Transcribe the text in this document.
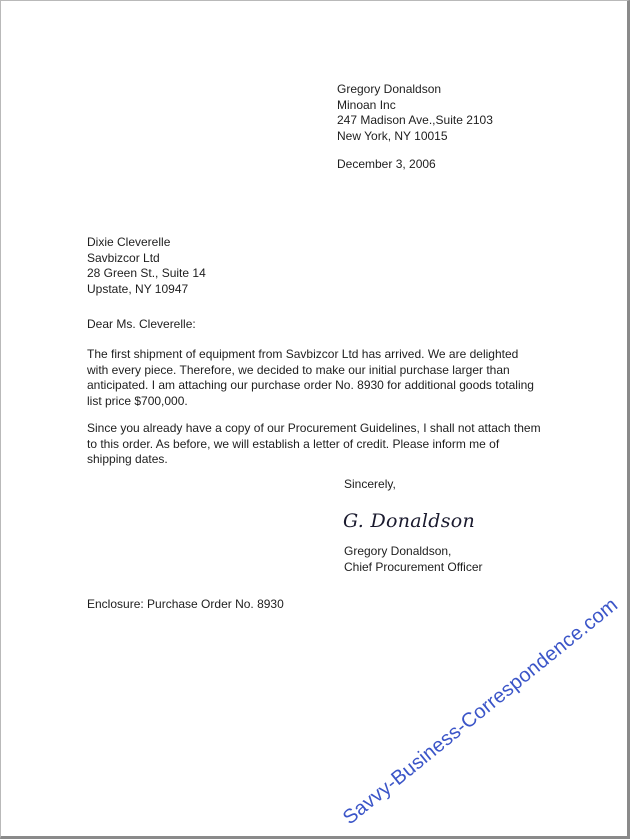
Gregory Donaldson
Minoan Inc
247 Madison Ave.,Suite 2103
New York, NY 10015
December 3, 2006
Dixie Cleverelle
Savbizcor Ltd
28 Green St., Suite 14
Upstate, NY 10947
Dear Ms. Cleverelle:
The first shipment of equipment from Savbizcor Ltd has arrived. We are delighted
with every piece. Therefore, we decided to make our initial purchase larger than
anticipated. I am attaching our purchase order No. 8930 for additional goods totaling
list price $700,000.
Since you already have a copy of our Procurement Guidelines, I shall not attach them
to this order. As before, we will establish a letter of credit. Please inform me of
shipping dates.
Sincerely,
G. Donaldson
Gregory Donaldson,
Chief Procurement Officer
Enclosure: Purchase Order No. 8930	Savvy-Business-Correspondence.com
